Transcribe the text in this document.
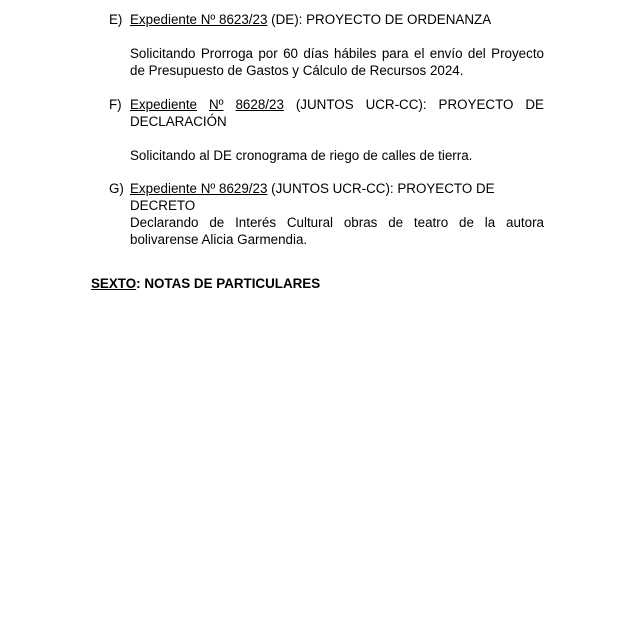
E) Expediente Nº 8623/23 (DE): PROYECTO DE ORDENANZA
Solicitando Prorroga por 60 días hábiles para el envío del Proyecto de Presupuesto de Gastos y Cálculo de Recursos 2024.
F) Expediente Nº 8628/23 (JUNTOS UCR-CC): PROYECTO DE
DECLARACIÓN
Solicitando al DE cronograma de riego de calles de tierra.
G) Expediente Nº 8629/23 (JUNTOS UCR-CC): PROYECTO DE DECRETO
Declarando de Interés Cultural obras de teatro de la autora bolivarense Alicia Garmendia.
SEXTO: NOTAS DE PARTICULARES
